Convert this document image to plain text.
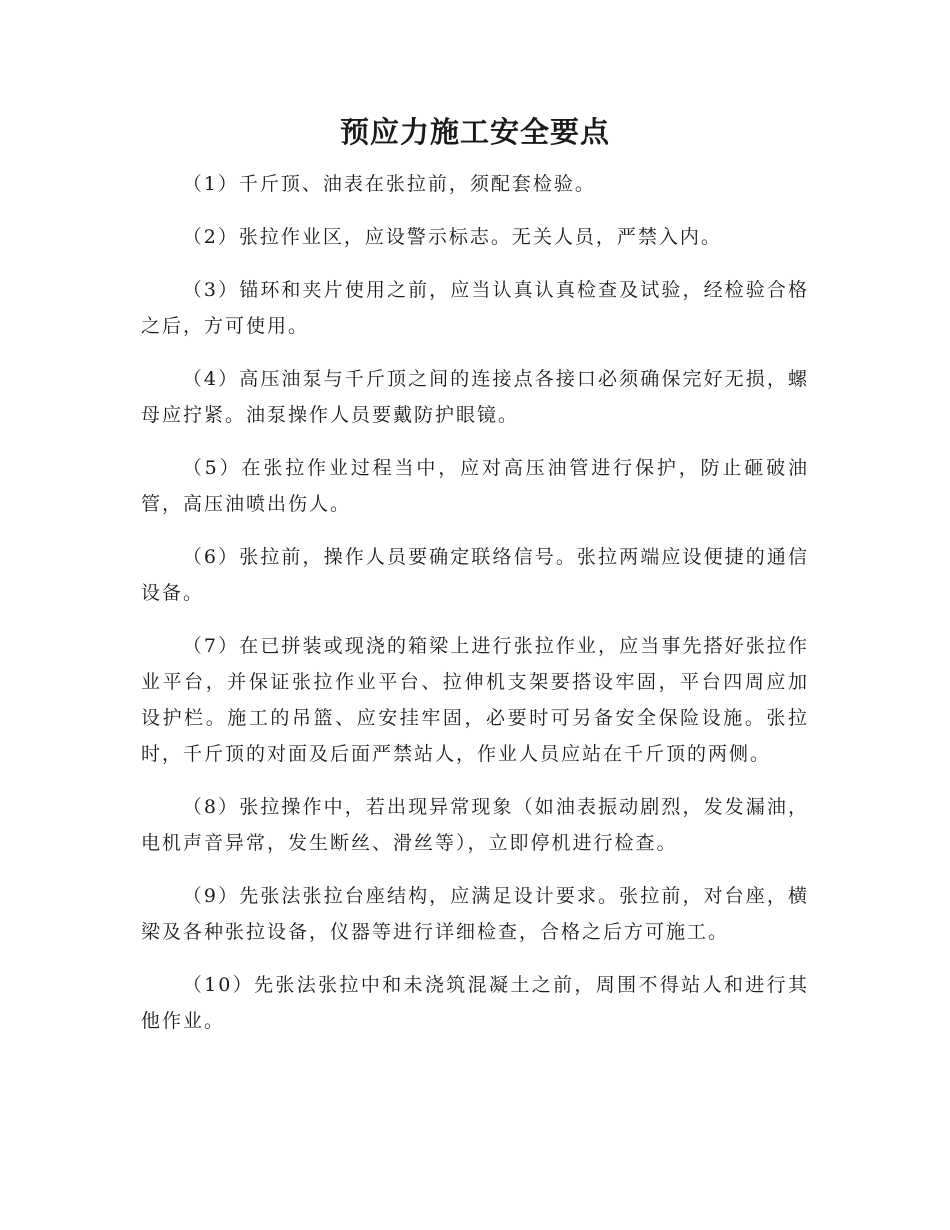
预应力施工安全要点

（1）千斤顶、油表在张拉前，须配套检验。

（2）张拉作业区，应设警示标志。无关人员，严禁入内。

（3）锚环和夹片使用之前，应当认真认真检查及试验，经检验合格之后，方可使用。

（4）高压油泵与千斤顶之间的连接点各接口必须确保完好无损，螺母应拧紧。油泵操作人员要戴防护眼镜。

（5）在张拉作业过程当中，应对高压油管进行保护，防止砸破油管，高压油喷出伤人。

（6）张拉前，操作人员要确定联络信号。张拉两端应设便捷的通信设备。

（7）在已拼装或现浇的箱梁上进行张拉作业，应当事先搭好张拉作业平台，并保证张拉作业平台、拉伸机支架要搭设牢固，平台四周应加设护栏。施工的吊篮、应安挂牢固，必要时可另备安全保险设施。张拉时，千斤顶的对面及后面严禁站人，作业人员应站在千斤顶的两侧。

（8）张拉操作中，若出现异常现象（如油表振动剧烈，发发漏油，电机声音异常，发生断丝、滑丝等），立即停机进行检查。

（9）先张法张拉台座结构，应满足设计要求。张拉前，对台座，横梁及各种张拉设备，仪器等进行详细检查，合格之后方可施工。

（10）先张法张拉中和未浇筑混凝土之前，周围不得站人和进行其他作业。
